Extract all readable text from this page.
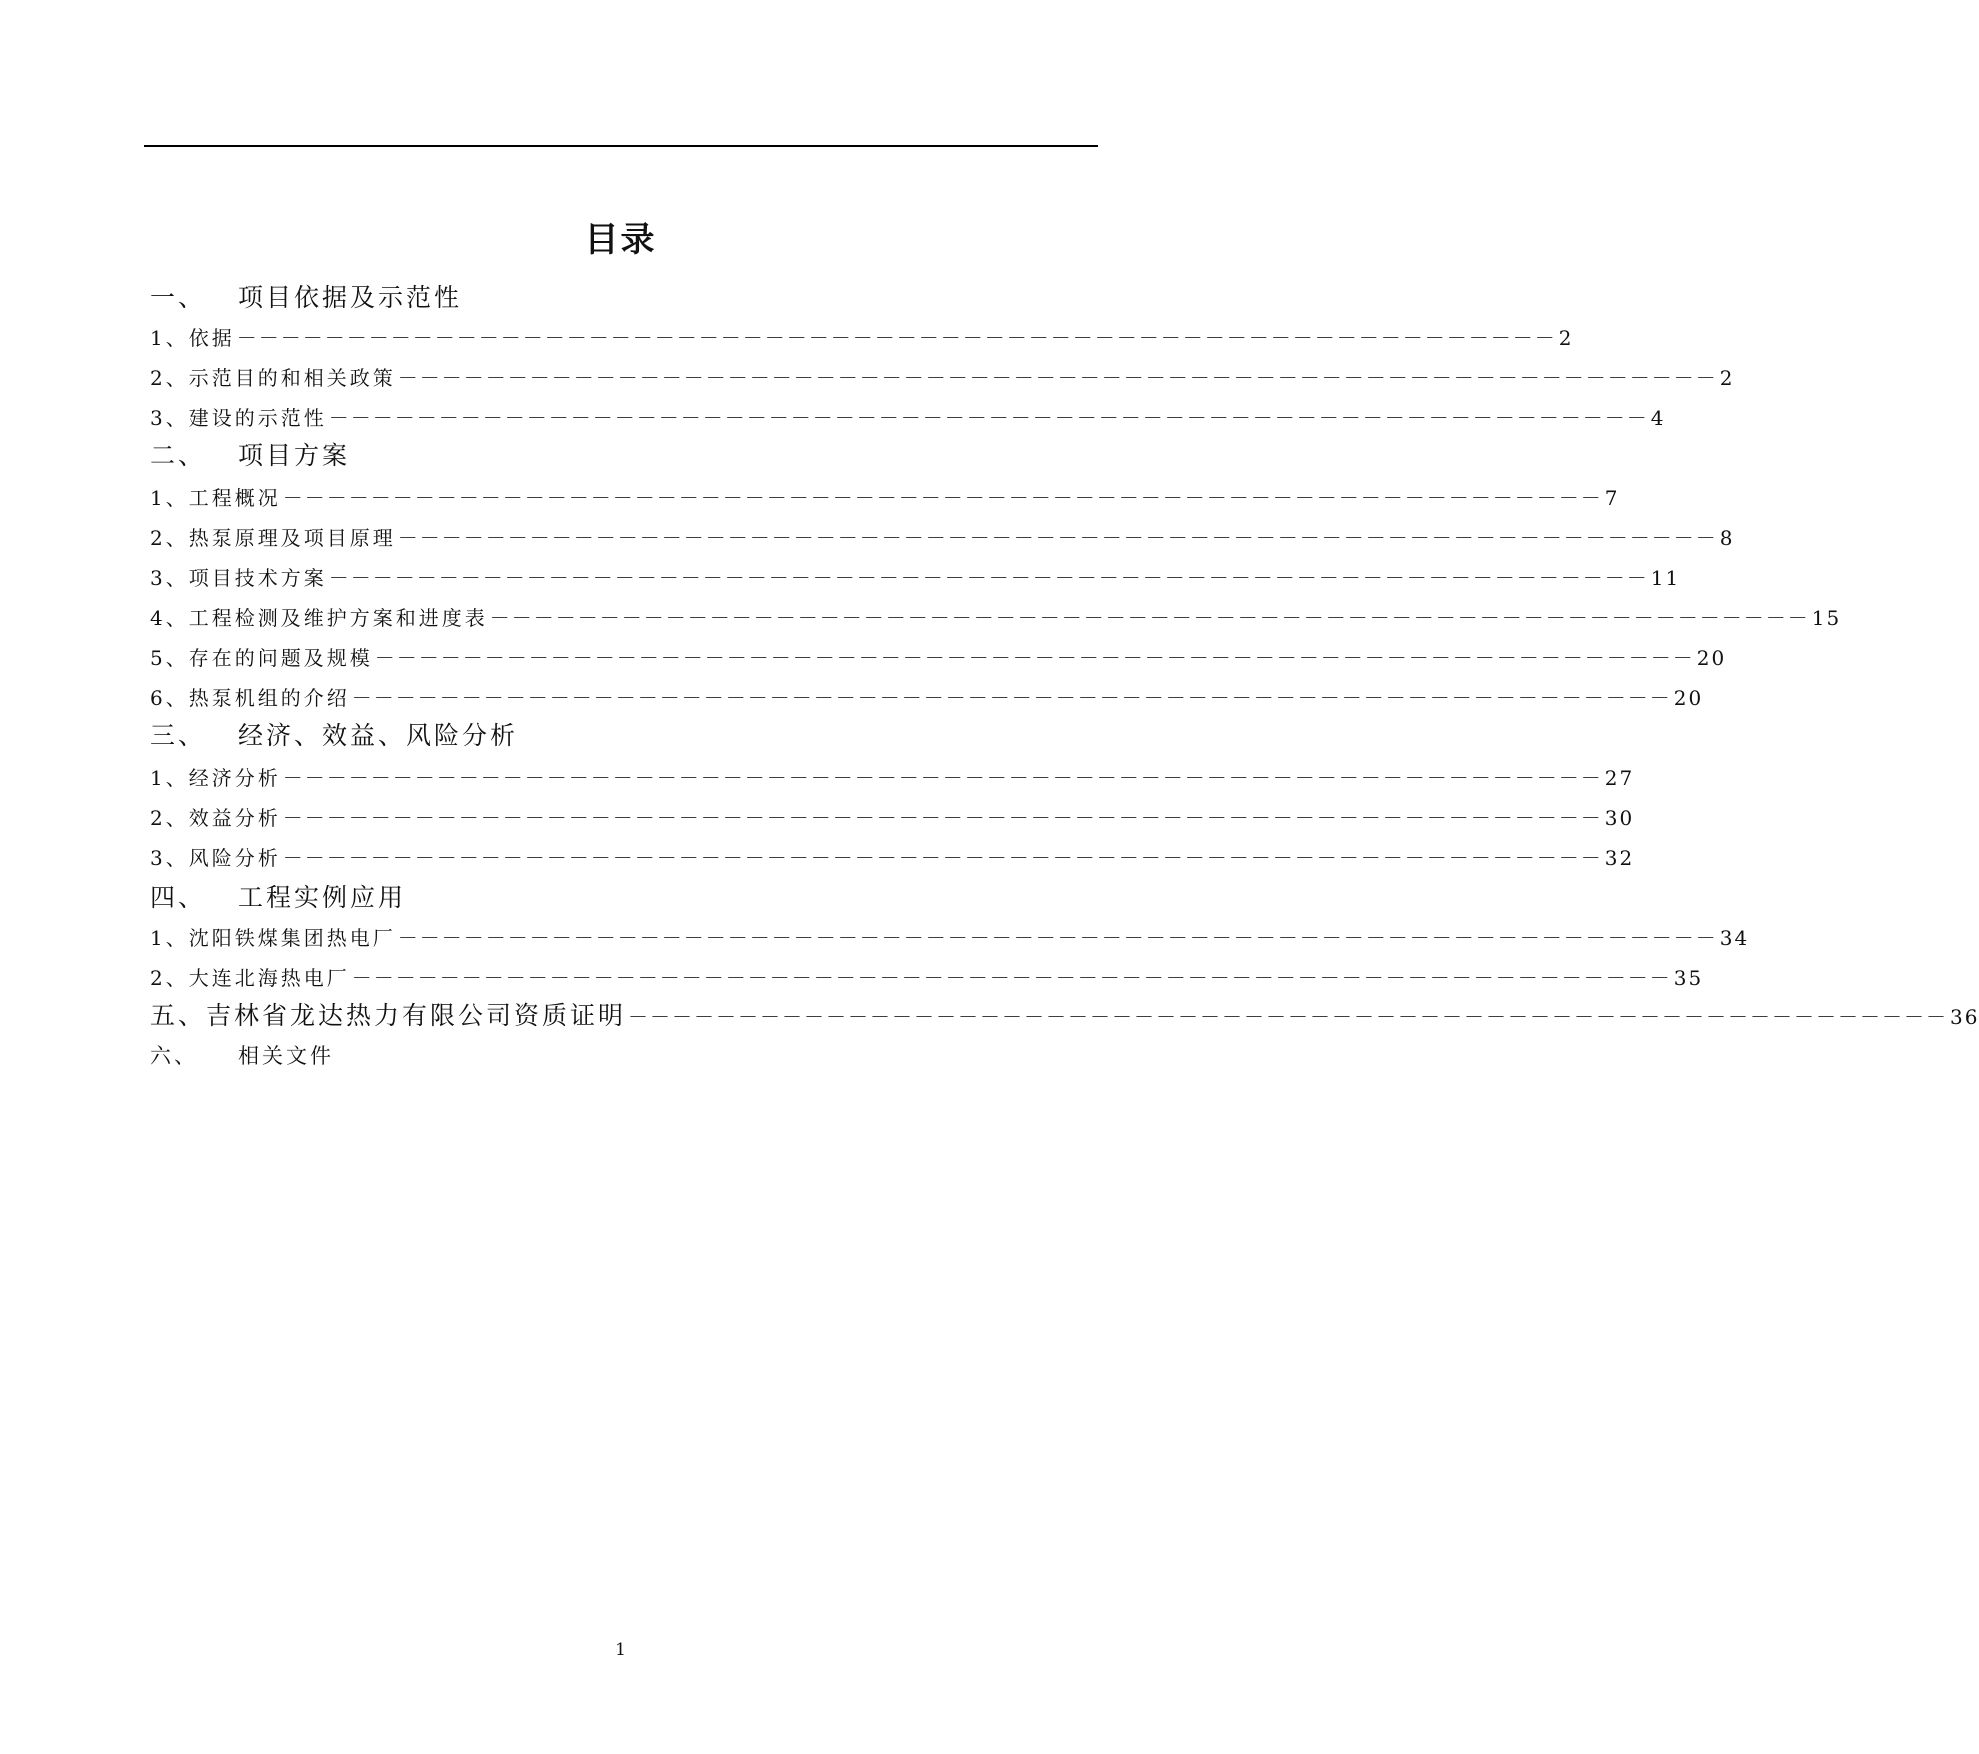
目录
一、 项目依据及示范性
1、依据 －－－－－－－－－－－－－－－－－－－－－－－－－－－－－－－－－－－－－－－－－－－－－－－－－－－－－－－－－－－－ 2
2、示范目的和相关政策 －－－－－－－－－－－－－－－－－－－－－－－－－－－－－－－－－－－－－－－－－－－－－－－－－－－－－－－－－－－－ 2
3、建设的示范性 －－－－－－－－－－－－－－－－－－－－－－－－－－－－－－－－－－－－－－－－－－－－－－－－－－－－－－－－－－－－ 4
二、 项目方案
1、工程概况 －－－－－－－－－－－－－－－－－－－－－－－－－－－－－－－－－－－－－－－－－－－－－－－－－－－－－－－－－－－－ 7
2、热泵原理及项目原理 －－－－－－－－－－－－－－－－－－－－－－－－－－－－－－－－－－－－－－－－－－－－－－－－－－－－－－－－－－－－ 8
3、项目技术方案 －－－－－－－－－－－－－－－－－－－－－－－－－－－－－－－－－－－－－－－－－－－－－－－－－－－－－－－－－－－－ 11
4、工程检测及维护方案和进度表 －－－－－－－－－－－－－－－－－－－－－－－－－－－－－－－－－－－－－－－－－－－－－－－－－－－－－－－－－－－－ 15
5、存在的问题及规模 －－－－－－－－－－－－－－－－－－－－－－－－－－－－－－－－－－－－－－－－－－－－－－－－－－－－－－－－－－－－ 20
6、热泵机组的介绍 －－－－－－－－－－－－－－－－－－－－－－－－－－－－－－－－－－－－－－－－－－－－－－－－－－－－－－－－－－－－ 20
三、 经济、效益、风险分析
1、经济分析 －－－－－－－－－－－－－－－－－－－－－－－－－－－－－－－－－－－－－－－－－－－－－－－－－－－－－－－－－－－－ 27
2、效益分析 －－－－－－－－－－－－－－－－－－－－－－－－－－－－－－－－－－－－－－－－－－－－－－－－－－－－－－－－－－－－ 30
3、风险分析 －－－－－－－－－－－－－－－－－－－－－－－－－－－－－－－－－－－－－－－－－－－－－－－－－－－－－－－－－－－－ 32
四、 工程实例应用
1、沈阳铁煤集团热电厂 －－－－－－－－－－－－－－－－－－－－－－－－－－－－－－－－－－－－－－－－－－－－－－－－－－－－－－－－－－－－ 34
2、大连北海热电厂 －－－－－－－－－－－－－－－－－－－－－－－－－－－－－－－－－－－－－－－－－－－－－－－－－－－－－－－－－－－－ 35
五、 吉林省龙达热力有限公司资质证明 －－－－－－－－－－－－－－－－－－－－－－－－－－－－－－－－－－－－－－－－－－－－－－－－－－－－－－－－－－－－ 36
六、 相关文件
1
